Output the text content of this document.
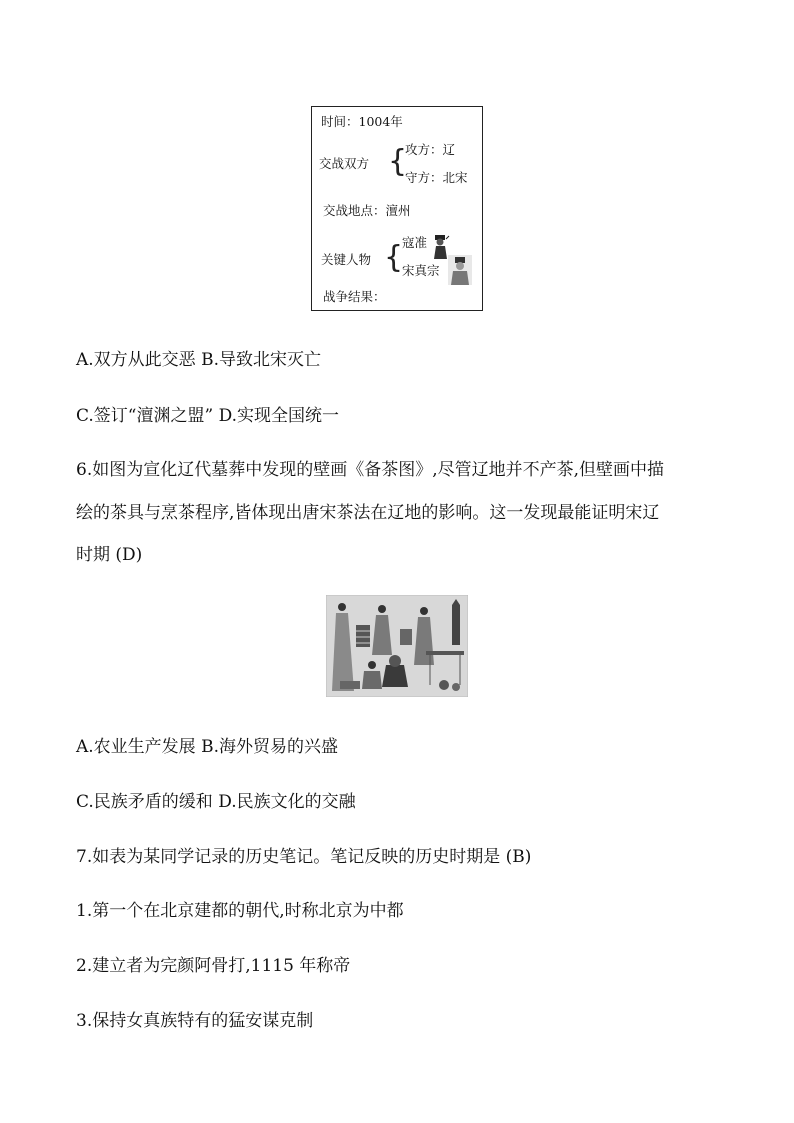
时间：1004年
交战双方 {
攻方：辽
守方：北宋
交战地点：澶州
关键人物 {
寇准
宋真宗
战争结果：
A.双方从此交恶 B.导致北宋灭亡
C.签订“澶渊之盟” D.实现全国统一
6.如图为宣化辽代墓葬中发现的壁画《备茶图》,尽管辽地并不产茶,但壁画中描
绘的茶具与烹茶程序,皆体现出唐宋茶法在辽地的影响。这一发现最能证明宋辽
时期 (D)
A.农业生产发展 B.海外贸易的兴盛
C.民族矛盾的缓和 D.民族文化的交融
7.如表为某同学记录的历史笔记。笔记反映的历史时期是 (B)
1.第一个在北京建都的朝代,时称北京为中都
2.建立者为完颜阿骨打,1115 年称帝
3.保持女真族特有的猛安谋克制
